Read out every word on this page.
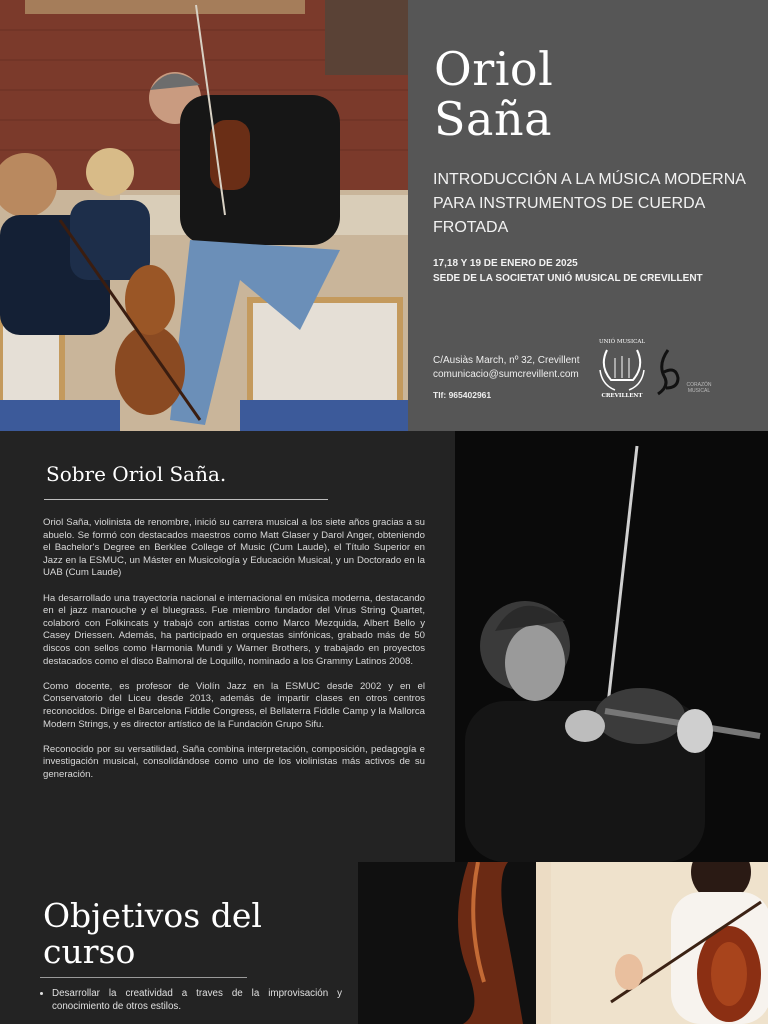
Oriol
Saña

INTRODUCCIÓN A LA MÚSICA MODERNA PARA INSTRUMENTOS DE CUERDA FROTADA

17,18 Y 19 DE ENERO DE 2025
SEDE DE LA SOCIETAT UNIÓ MUSICAL DE CREVILLENT
C/Ausiàs March, nº 32, Crevillent
comunicacio@sumcrevillent.com
Tlf: 965402961
UNIÓ MUSICAL
CREVILLENT
CORAZÓN MUSICAL
Sobre Oriol Saña.

Oriol Saña, violinista de renombre, inició su carrera musical a los siete años gracias a su abuelo. Se formó con destacados maestros como Matt Glaser y Darol Anger, obteniendo el Bachelor's Degree en Berklee College of Music (Cum Laude), el Título Superior en Jazz en la ESMUC, un Máster en Musicología y Educación Musical, y un Doctorado en la UAB (Cum Laude)

Ha desarrollado una trayectoria nacional e internacional en música moderna, destacando en el jazz manouche y el bluegrass. Fue miembro fundador del Virus String Quartet, colaboró con Folkincats y trabajó con artistas como Marco Mezquida, Albert Bello y Casey Driessen. Además, ha participado en orquestas sinfónicas, grabado más de 50 discos con sellos como Harmonia Mundi y Warner Brothers, y trabajado en proyectos destacados como el disco Balmoral de Loquillo, nominado a los Grammy Latinos 2008.

Como docente, es profesor de Violín Jazz en la ESMUC desde 2002 y en el Conservatorio del Liceu desde 2013, además de impartir clases en otros centros reconocidos. Dirige el Barcelona Fiddle Congress, el Bellaterra Fiddle Camp y la Mallorca Modern Strings, y es director artístico de la Fundación Grupo Sifu.

Reconocido por su versatilidad, Saña combina interpretación, composición, pedagogía e investigación musical, consolidándose como uno de los violinistas más activos de su generación.

Objetivos del
curso
• Desarrollar la creatividad a traves de la improvisación y conocimiento de otros estilos.
